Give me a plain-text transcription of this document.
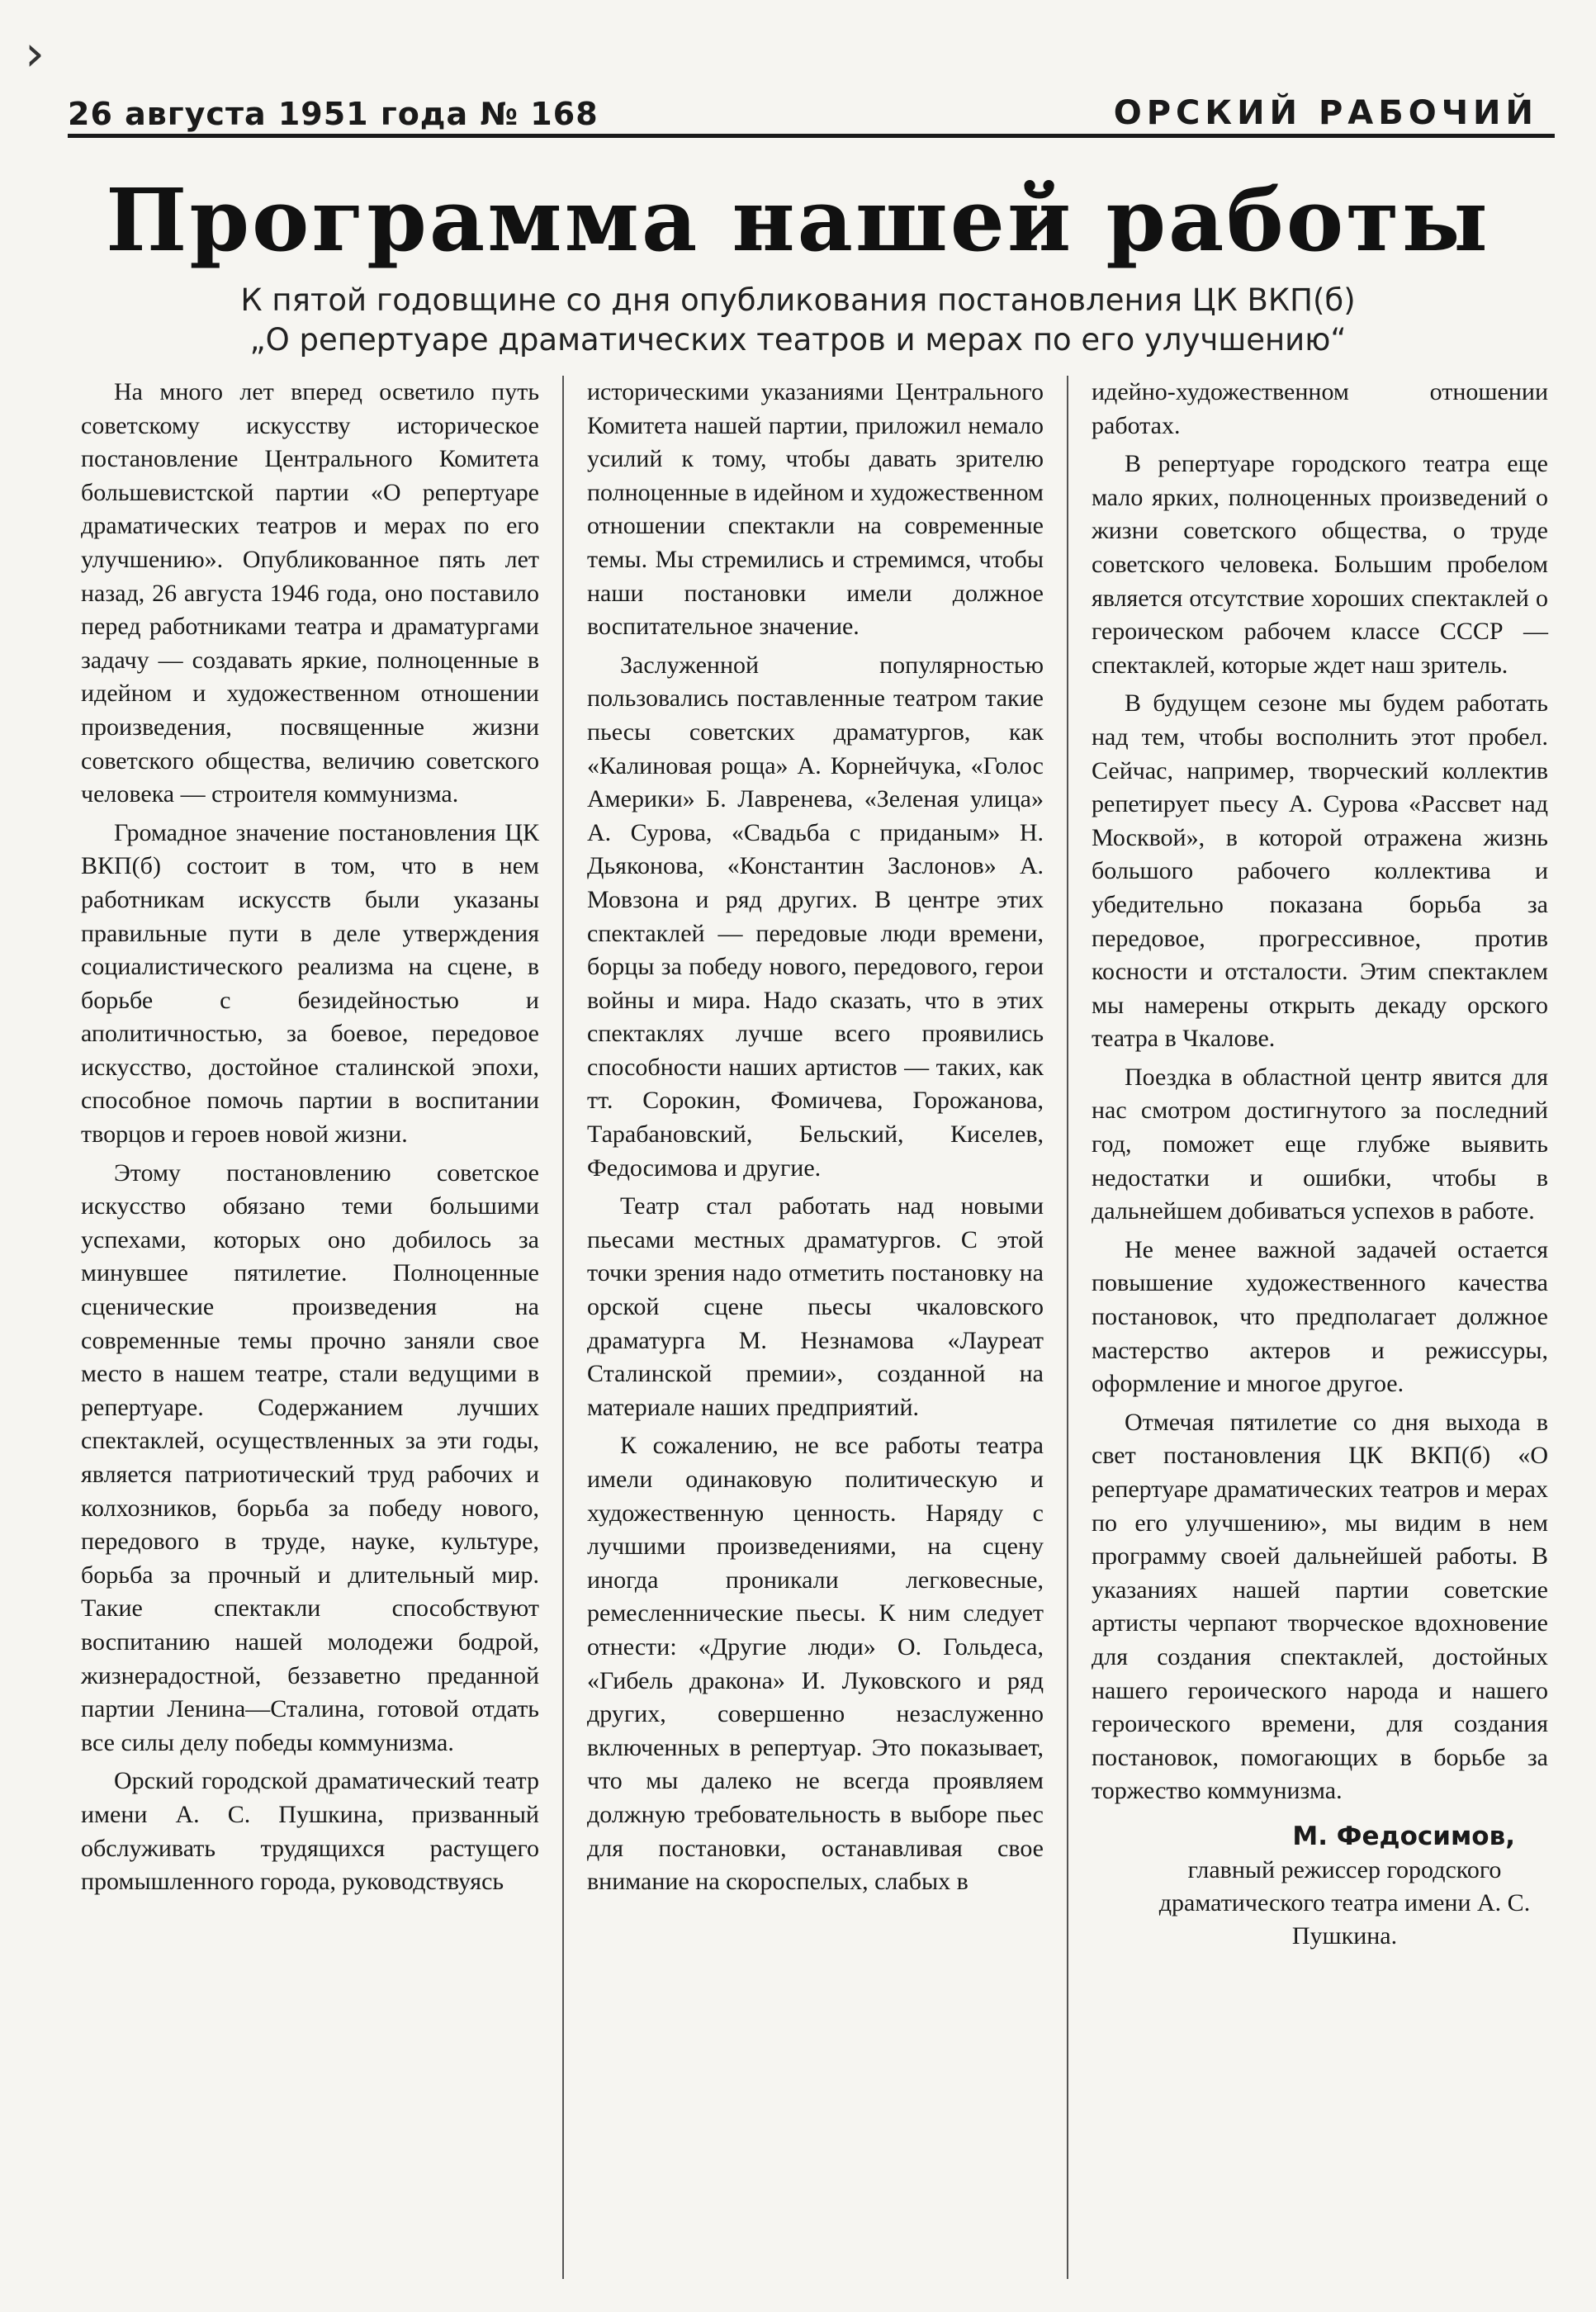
›
26 августа 1951 года № 168	ОРСКИЙ РАБОЧИЙ
Программа нашей работы
К пятой годовщине со дня опубликования постановления ЦК ВКП(б)
„О репертуаре драматических театров и мерах по его улучшению“

На много лет вперед осветило путь советскому искусству историческое постановление Центрального Комитета большевистской партии «О репертуаре драматических театров и мерах по его улучшению». Опубликованное пять лет назад, 26 августа 1946 года, оно поставило перед работниками театра и драматургами задачу — создавать яркие, полноценные в идейном и художественном отношении произведения, посвященные жизни советского общества, величию советского человека — строителя коммунизма.

Громадное значение постановления ЦК ВКП(б) состоит в том, что в нем работникам искусств были указаны правильные пути в деле утверждения социалистического реализма на сцене, в борьбе с безидейностью и аполитичностью, за боевое, передовое искусство, достойное сталинской эпохи, способное помочь партии в воспитании творцов и героев новой жизни.

Этому постановлению советское искусство обязано теми большими успехами, которых оно добилось за минувшее пятилетие. Полноценные сценические произведения на современные темы прочно заняли свое место в нашем театре, стали ведущими в репертуаре. Содержанием лучших спектаклей, осуществленных за эти годы, является патриотический труд рабочих и колхозников, борьба за победу нового, передового в труде, науке, культуре, борьба за прочный и длительный мир. Такие спектакли способствуют воспитанию нашей молодежи бодрой, жизнерадостной, беззаветно преданной партии Ленина—Сталина, готовой отдать все силы делу победы коммунизма.

Орский городской драматический театр имени А. С. Пушкина, призванный обслуживать трудящихся растущего промышленного города, руководствуясь

историческими указаниями Центрального Комитета нашей партии, приложил немало усилий к тому, чтобы давать зрителю полноценные в идейном и художественном отношении спектакли на современные темы. Мы стремились и стремимся, чтобы наши постановки имели должное воспитательное значение.

Заслуженной популярностью пользовались поставленные театром такие пьесы советских драматургов, как «Калиновая роща» А. Корнейчука, «Голос Америки» Б. Лавренева, «Зеленая улица» А. Сурова, «Свадьба с приданым» Н. Дьяконова, «Константин Заслонов» А. Мовзона и ряд других. В центре этих спектаклей — передовые люди времени, борцы за победу нового, передового, герои войны и мира. Надо сказать, что в этих спектаклях лучше всего проявились способности наших артистов — таких, как тт. Сорокин, Фомичева, Горожанова, Тарабановский, Бельский, Киселев, Федосимова и другие.

Театр стал работать над новыми пьесами местных драматургов. С этой точки зрения надо отметить постановку на орской сцене пьесы чкаловского драматурга М. Незнамова «Лауреат Сталинской премии», созданной на материале наших предприятий.

К сожалению, не все работы театра имели одинаковую политическую и художественную ценность. Наряду с лучшими произведениями, на сцену иногда проникали легковесные, ремесленнические пьесы. К ним следует отнести: «Другие люди» О. Гольдеса, «Гибель дракона» И. Луковского и ряд других, совершенно незаслуженно включенных в репертуар. Это показывает, что мы далеко не всегда проявляем должную требовательность в выборе пьес для постановки, останавливая свое внимание на скороспелых, слабых в

идейно-художественном отношении работах.

В репертуаре городского театра еще мало ярких, полноценных произведений о жизни советского общества, о труде советского человека. Большим пробелом является отсутствие хороших спектаклей о героическом рабочем классе СССР — спектаклей, которые ждет наш зритель.

В будущем сезоне мы будем работать над тем, чтобы восполнить этот пробел. Сейчас, например, творческий коллектив репетирует пьесу А. Сурова «Рассвет над Москвой», в которой отражена жизнь большого рабочего коллектива и убедительно показана борьба за передовое, прогрессивное, против косности и отсталости. Этим спектаклем мы намерены открыть декаду орского театра в Чкалове.

Поездка в областной центр явится для нас смотром достигнутого за последний год, поможет еще глубже выявить недостатки и ошибки, чтобы в дальнейшем добиваться успехов в работе.

Не менее важной задачей остается повышение художественного качества постановок, что предполагает должное мастерство актеров и режиссуры, оформление и многое другое.

Отмечая пятилетие со дня выхода в свет постановления ЦК ВКП(б) «О репертуаре драматических театров и мерах по его улучшению», мы видим в нем программу своей дальнейшей работы. В указаниях нашей партии советские артисты черпают творческое вдохновение для создания спектаклей, достойных нашего героического народа и нашего героического времени, для создания постановок, помогающих в борьбе за торжество коммунизма.

М. Федосимов,
главный режиссер городского драматического театра имени А. С. Пушкина.
